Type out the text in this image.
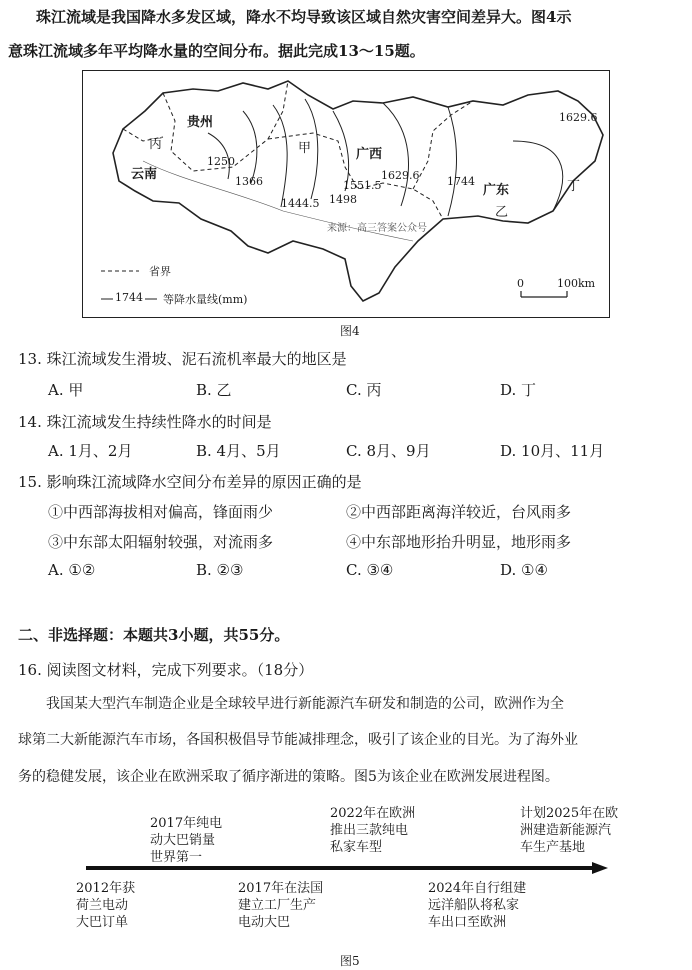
珠江流域是我国降水多发区域，降水不均导致该区域自然灾害空间差异大。图4示
意珠江流域多年平均降水量的空间分布。据此完成13～15题。
贵州
丙
云南
甲	广西
广东
乙
丁
1250
1366
1444.5 1498
1551.5
1629.6	1744
1629.6
来源：高三答案公众号
省界
1744 等降水量线(mm)
0	100km
图4
13. 珠江流域发生滑坡、泥石流机率最大的地区是
A. 甲	B. 乙	C. 丙	D. 丁
14. 珠江流域发生持续性降水的时间是
A. 1月、2月	B. 4月、5月	C. 8月、9月	D. 10月、11月
15. 影响珠江流域降水空间分布差异的原因正确的是
①中西部海拔相对偏高，锋面雨少	②中西部距离海洋较近，台风雨多
③中东部太阳辐射较强，对流雨多	④中东部地形抬升明显，地形雨多
A. ①②	B. ②③	C. ③④	D. ①④
二、非选择题：本题共3小题，共55分。
16. 阅读图文材料，完成下列要求。（18分）
我国某大型汽车制造企业是全球较早进行新能源汽车研发和制造的公司，欧洲作为全
球第二大新能源汽车市场，各国积极倡导节能减排理念，吸引了该企业的目光。为了海外业
务的稳健发展，该企业在欧洲采取了循序渐进的策略。图5为该企业在欧洲发展进程图。
2017年纯电
动大巴销量
世界第一
2022年在欧洲
推出三款纯电
私家车型
计划2025年在欧
洲建造新能源汽
车生产基地
2012年获
荷兰电动
大巴订单
2017年在法国
建立工厂生产
电动大巴
2024年自行组建
远洋船队将私家
车出口至欧洲
图5
